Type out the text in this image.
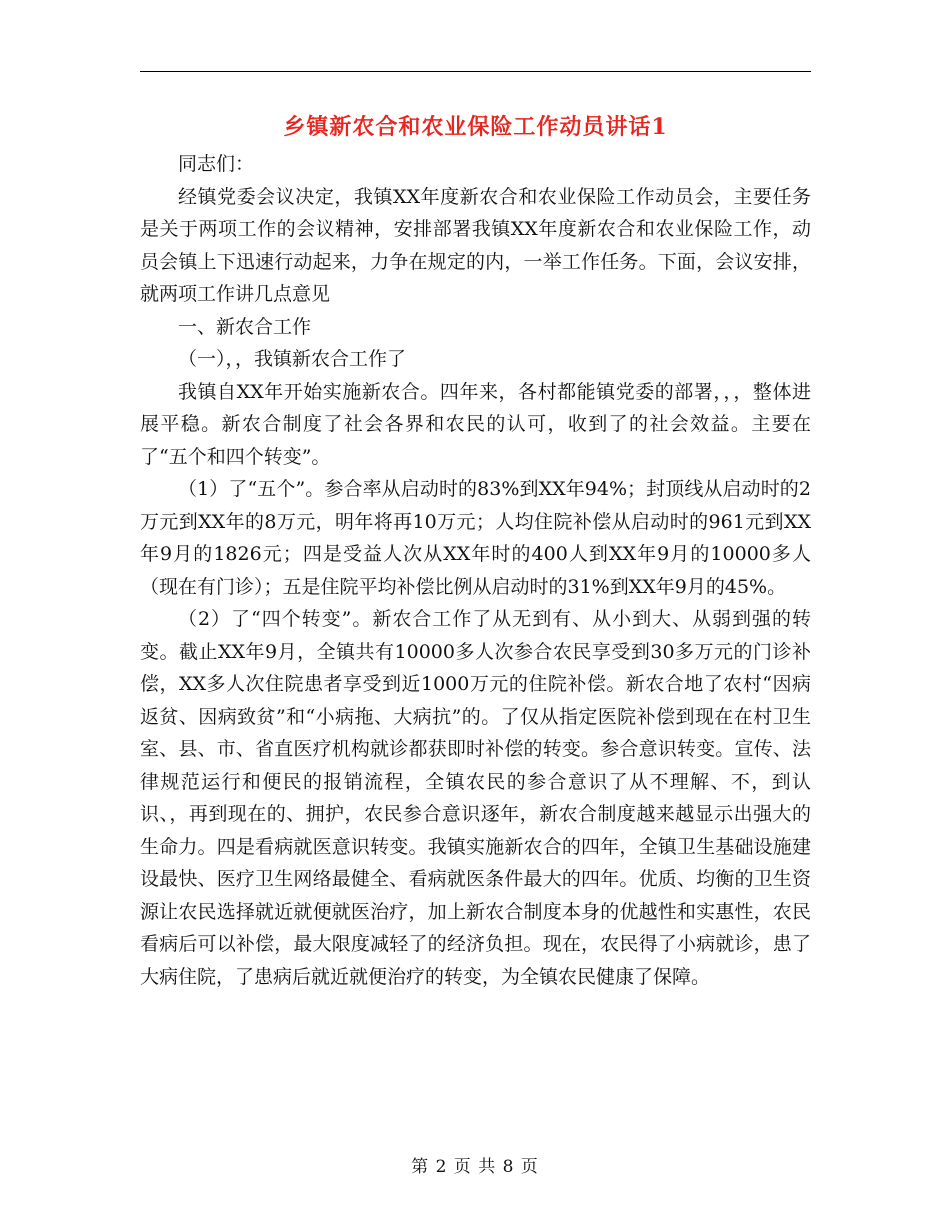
乡镇新农合和农业保险工作动员讲话1

同志们：

经镇党委会议决定，我镇XX年度新农合和农业保险工作动员会，主要任务是关于两项工作的会议精神，安排部署我镇XX年度新农合和农业保险工作，动员会镇上下迅速行动起来，力争在规定的内，一举工作任务。下面，会议安排，就两项工作讲几点意见

一、新农合工作

（一），，我镇新农合工作了

我镇自XX年开始实施新农合。四年来，各村都能镇党委的部署，，，整体进展平稳。新农合制度了社会各界和农民的认可，收到了的社会效益。主要在了“五个和四个转变”。

（1）了“五个”。参合率从启动时的83%到XX年94%；封顶线从启动时的2万元到XX年的8万元，明年将再10万元；人均住院补偿从启动时的961元到XX年9月的1826元；四是受益人次从XX年时的400人到XX年9月的10000多人（现在有门诊）；五是住院平均补偿比例从启动时的31%到XX年9月的45%。

（2）了“四个转变”。新农合工作了从无到有、从小到大、从弱到强的转变。截止XX年9月，全镇共有10000多人次参合农民享受到30多万元的门诊补偿，XX多人次住院患者享受到近1000万元的住院补偿。新农合地了农村“因病返贫、因病致贫”和“小病拖、大病抗”的。了仅从指定医院补偿到现在在村卫生室、县、市、省直医疗机构就诊都获即时补偿的转变。参合意识转变。宣传、法律规范运行和便民的报销流程，全镇农民的参合意识了从不理解、不，到认识、，再到现在的、拥护，农民参合意识逐年，新农合制度越来越显示出强大的生命力。四是看病就医意识转变。我镇实施新农合的四年，全镇卫生基础设施建设最快、医疗卫生网络最健全、看病就医条件最大的四年。优质、均衡的卫生资源让农民选择就近就便就医治疗，加上新农合制度本身的优越性和实惠性，农民看病后可以补偿，最大限度减轻了的经济负担。现在，农民得了小病就诊，患了大病住院，了患病后就近就便治疗的转变，为全镇农民健康了保障。

第 2 页 共 8 页
